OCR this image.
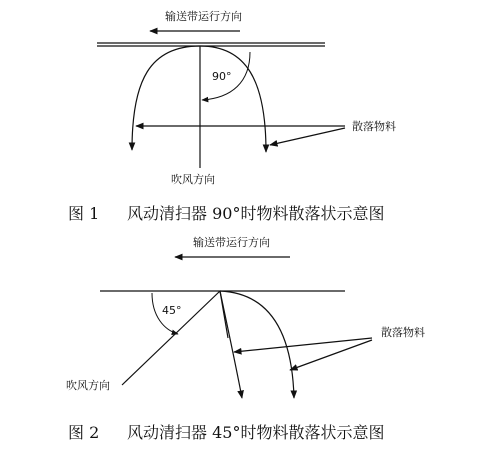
输送带运行方向
90°
散落物料
吹风方向
图 1 风动清扫器 90°时物料散落状示意图
输送带运行方向
45°
散落物料
吹风方向
图 2 风动清扫器 45°时物料散落状示意图
